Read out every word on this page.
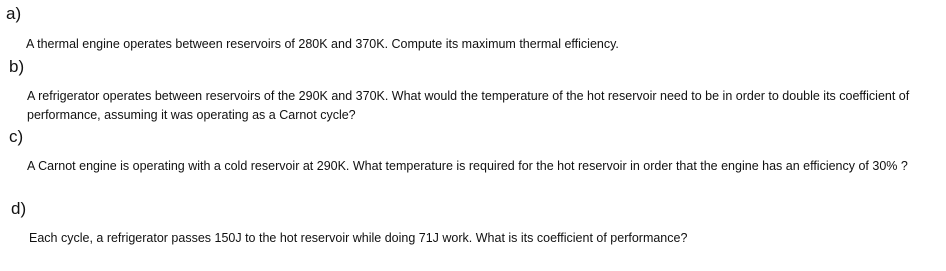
a)
A thermal engine operates between reservoirs of 280K and 370K. Compute its maximum thermal efficiency.
b)
A refrigerator operates between reservoirs of the 290K and 370K. What would the temperature of the hot reservoir need to be in order to double its coefficient of performance, assuming it was operating as a Carnot cycle?
c)
A Carnot engine is operating with a cold reservoir at 290K. What temperature is required for the hot reservoir in order that the engine has an efficiency of 30% ?
d)
Each cycle, a refrigerator passes 150J to the hot reservoir while doing 71J work. What is its coefficient of performance?
